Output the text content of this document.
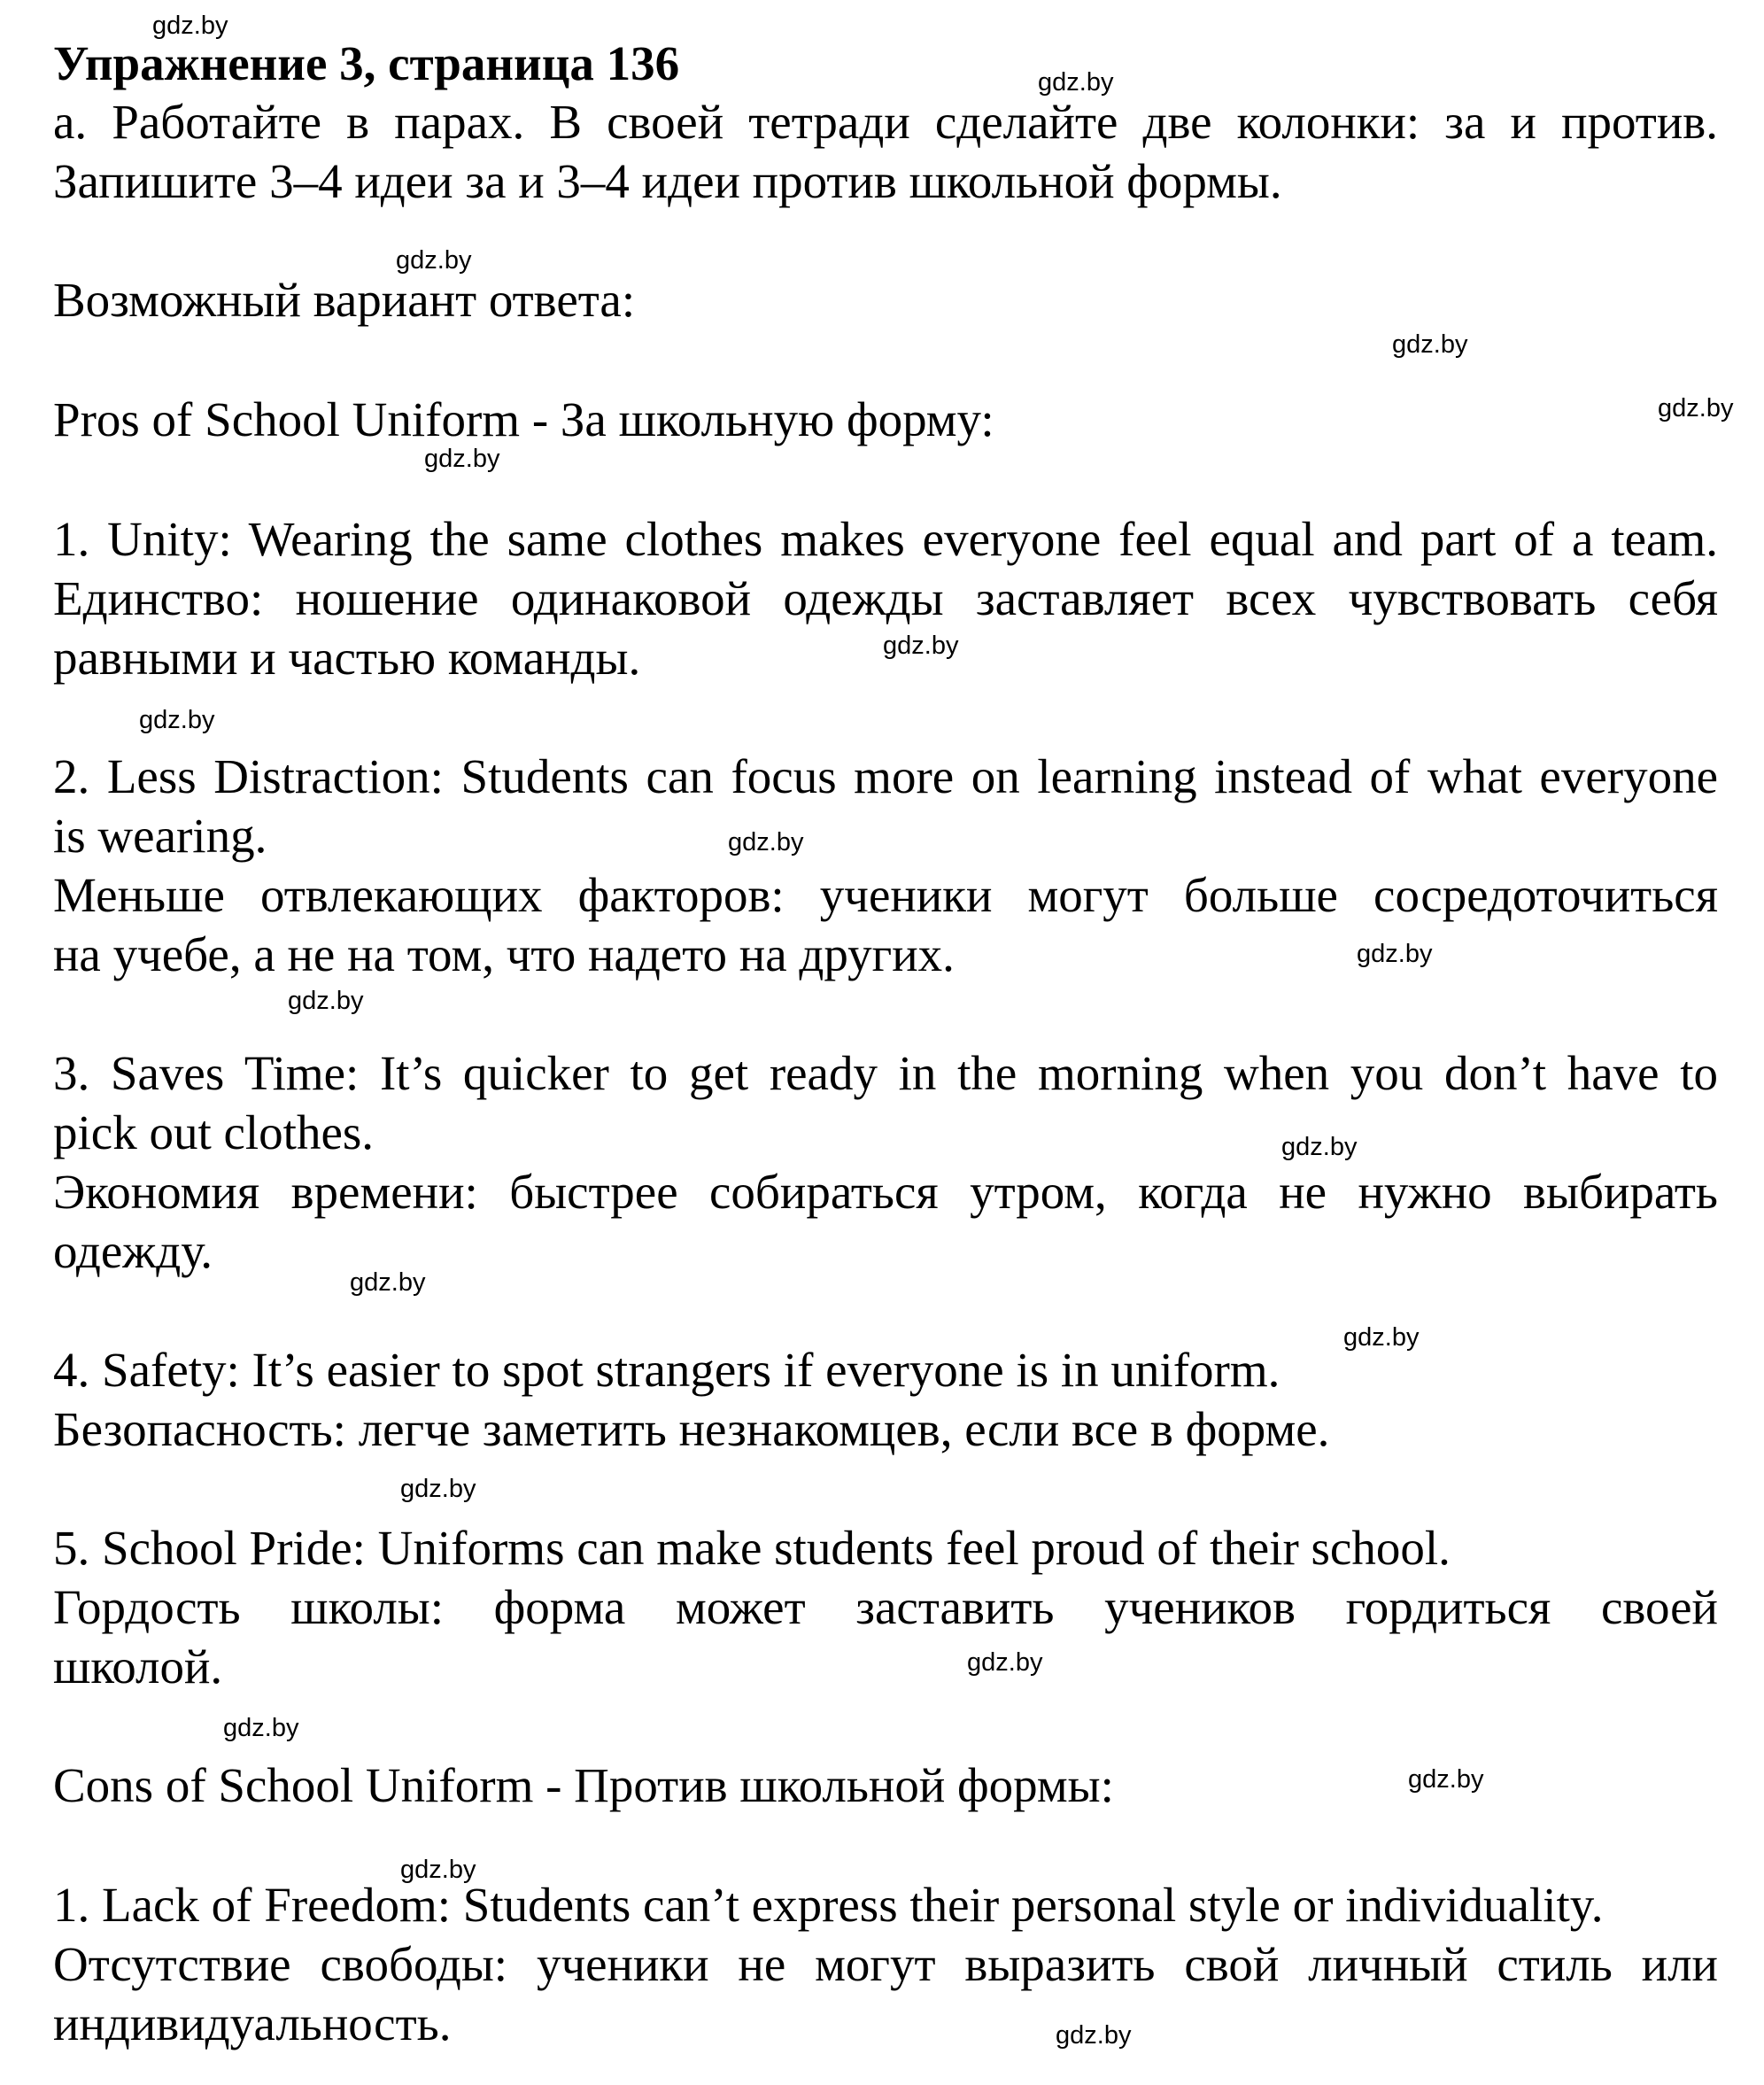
Упражнение 3, страница 136
a. Работайте в парах. В своей тетради сделайте две колонки: за и против.
Запишите 3–4 идеи за и 3–4 идеи против школьной формы.
Возможный вариант ответа:
Pros of School Uniform - За школьную форму:
1. Unity: Wearing the same clothes makes everyone feel equal and part of a team.
Единство: ношение одинаковой одежды заставляет всех чувствовать себя
равными и частью команды.
2. Less Distraction: Students can focus more on learning instead of what everyone
is wearing.
Меньше отвлекающих факторов: ученики могут больше сосредоточиться
на учебе, а не на том, что надето на других.
3. Saves Time: It’s quicker to get ready in the morning when you don’t have to
pick out clothes.
Экономия времени: быстрее собираться утром, когда не нужно выбирать
одежду.
4. Safety: It’s easier to spot strangers if everyone is in uniform.
Безопасность: легче заметить незнакомцев, если все в форме.
5. School Pride: Uniforms can make students feel proud of their school.
Гордость школы: форма может заставить учеников гордиться своей
школой.
Cons of School Uniform - Против школьной формы:
1. Lack of Freedom: Students can’t express their personal style or individuality.
Отсутствие свободы: ученики не могут выразить свой личный стиль или
индивидуальность.
gdz.by
gdz.by
gdz.by
gdz.by
gdz.by
gdz.by
gdz.by
gdz.by
gdz.by
gdz.by
gdz.by
gdz.by
gdz.by
gdz.by
gdz.by
gdz.by
gdz.by
gdz.by
gdz.by
gdz.by
